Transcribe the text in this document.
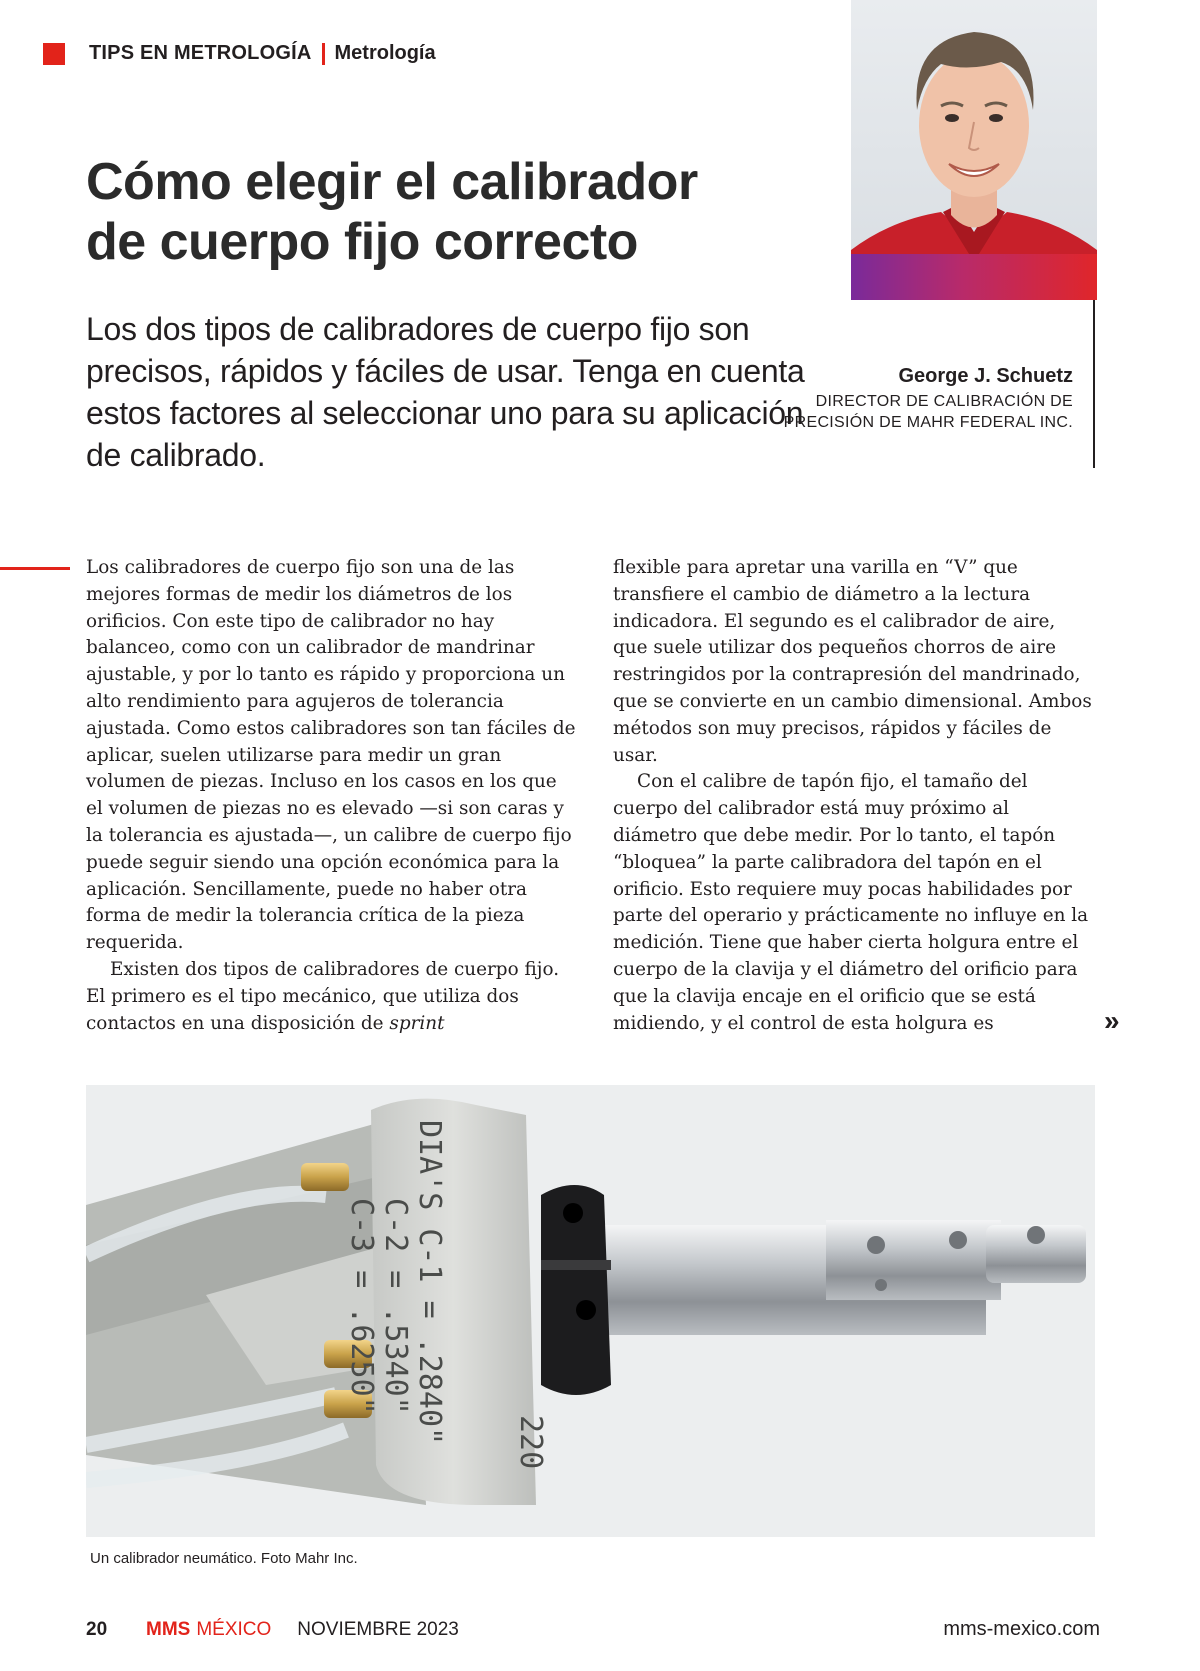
TIPS EN METROLOGÍA Metrología
Cómo elegir el calibrador
de cuerpo fijo correcto

Los dos tipos de calibradores de cuerpo fijo son precisos, rápidos y fáciles de usar. Tenga en cuenta estos factores al seleccionar uno para su aplicación de calibrado.

George J. Schuetz
DIRECTOR DE CALIBRACIÓN DE PRECISIÓN DE MAHR FEDERAL INC.

Los calibradores de cuerpo fijo son una de las mejores formas de medir los diámetros de los orificios. Con este tipo de calibrador no hay balanceo, como con un calibrador de mandrinar ajustable, y por lo tanto es rápido y proporciona un alto rendimiento para agujeros de tolerancia ajustada. Como estos calibradores son tan fáciles de aplicar, suelen utilizarse para medir un gran volumen de piezas. Incluso en los casos en los que el volumen de piezas no es elevado —si son caras y la tolerancia es ajustada—, un calibre de cuerpo fijo puede seguir siendo una opción económica para la aplicación. Sencillamente, puede no haber otra forma de medir la tolerancia crítica de la pieza requerida.

Existen dos tipos de calibradores de cuerpo fijo. El primero es el tipo mecánico, que utiliza dos contactos en una disposición de sprint

flexible para apretar una varilla en “V” que transfiere el cambio de diámetro a la lectura indicadora. El segundo es el calibrador de aire, que suele utilizar dos pequeños chorros de aire restringidos por la contrapresión del mandrinado, que se convierte en un cambio dimensional. Ambos métodos son muy precisos, rápidos y fáciles de usar.

Con el calibre de tapón fijo, el tamaño del cuerpo del calibrador está muy próximo al diámetro que debe medir. Por lo tanto, el tapón “bloquea” la parte calibradora del tapón en el orificio. Esto requiere muy pocas habilidades por parte del operario y prácticamente no influye en la medición. Tiene que haber cierta holgura entre el cuerpo de la clavija y el diámetro del orificio para que la clavija encaje en el orificio que se está midiendo, y el control de esta holgura es	»
DIA'S C-1 = .2840"
C-2 = .5340"
C-3 = .6250"
220
Un calibrador neumático. Foto Mahr Inc.
20	MMS MÉXICO NOVIEMBRE 2023	mms-mexico.com
